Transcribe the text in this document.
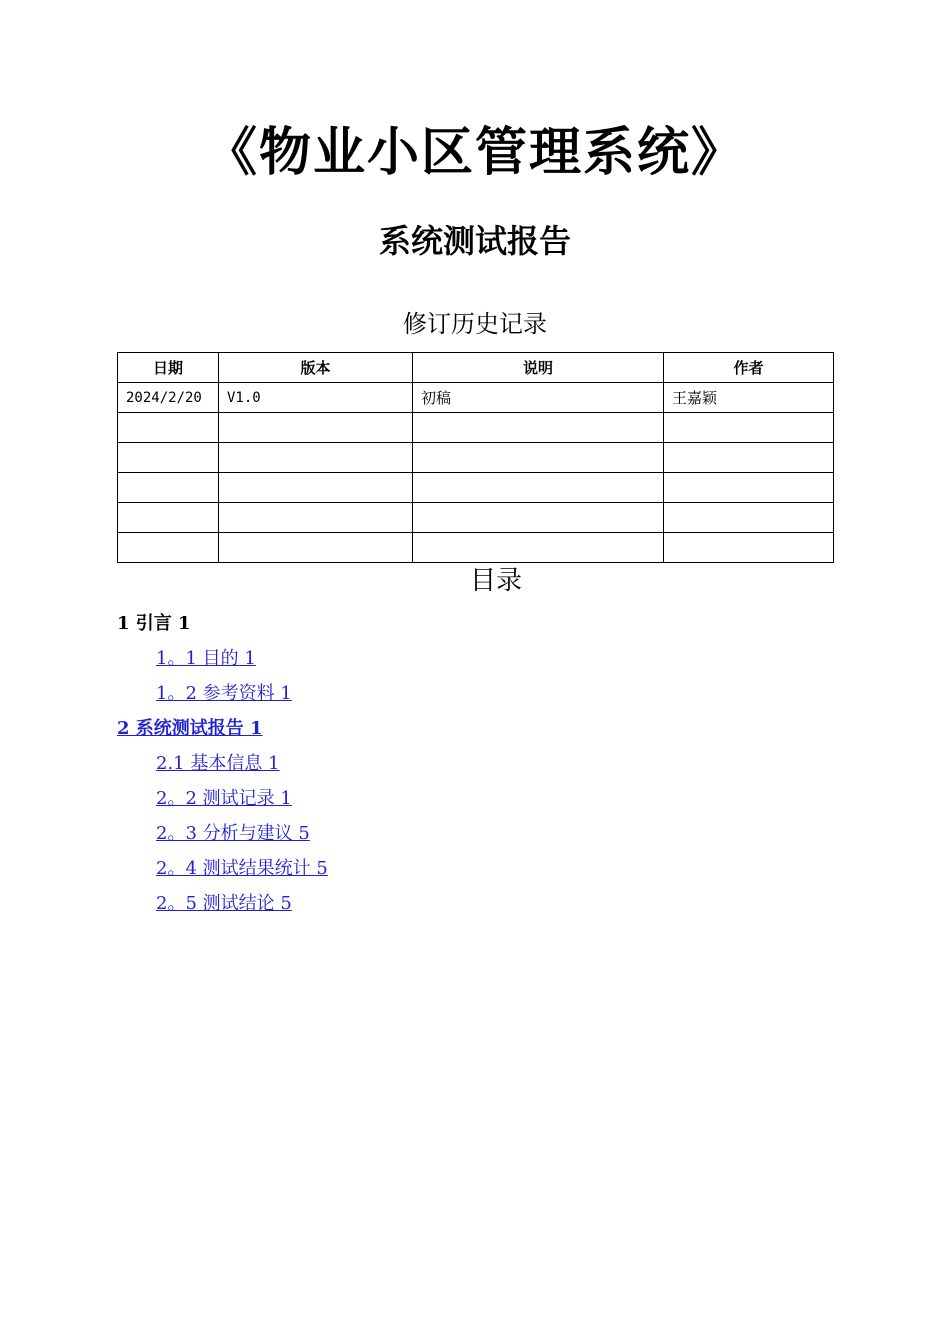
《物业小区管理系统》
系统测试报告
修订历史记录
日期	版本	说明	作者
2024/2/20	V1.0	初稿	王嘉颖

目录
1 引言 1
1。1 目的 1
1。2 参考资料 1
2 系统测试报告 1
2.1 基本信息 1
2。2 测试记录 1
2。3 分析与建议 5
2。4 测试结果统计 5
2。5 测试结论 5
